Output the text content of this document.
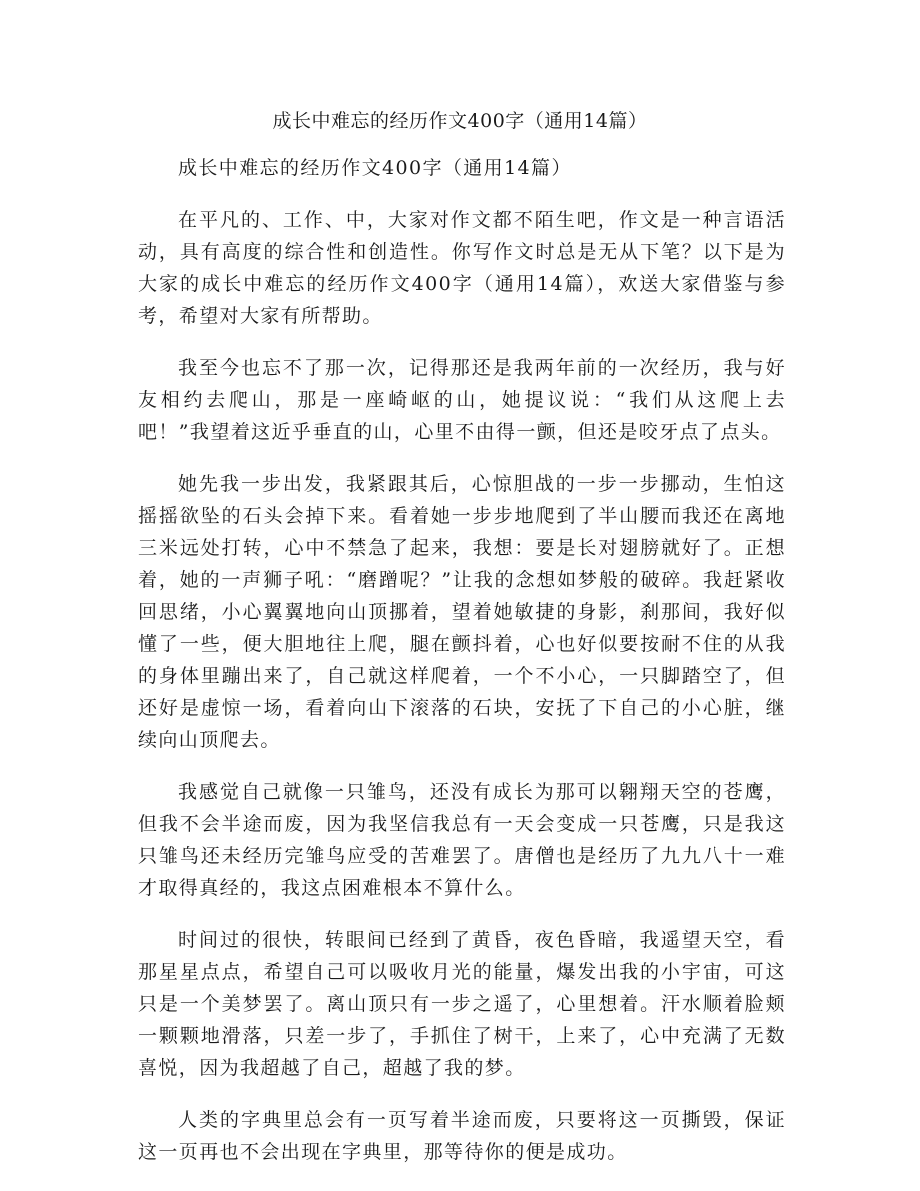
成长中难忘的经历作文400字（通用14篇）

成长中难忘的经历作文400字（通用14篇）

在平凡的、工作、中，大家对作文都不陌生吧，作文是一种言语活动，具有高度的综合性和创造性。你写作文时总是无从下笔？以下是为大家的成长中难忘的经历作文400字（通用14篇），欢送大家借鉴与参考，希望对大家有所帮助。

我至今也忘不了那一次，记得那还是我两年前的一次经历，我与好友相约去爬山，那是一座崎岖的山，她提议说：“我们从这爬上去吧！”我望着这近乎垂直的山，心里不由得一颤，但还是咬牙点了点头。

她先我一步出发，我紧跟其后，心惊胆战的一步一步挪动，生怕这摇摇欲坠的石头会掉下来。看着她一步步地爬到了半山腰而我还在离地三米远处打转，心中不禁急了起来，我想：要是长对翅膀就好了。正想着，她的一声狮子吼：“磨蹭呢？”让我的念想如梦般的破碎。我赶紧收回思绪，小心翼翼地向山顶挪着，望着她敏捷的身影，刹那间，我好似懂了一些，便大胆地往上爬，腿在颤抖着，心也好似要按耐不住的从我的身体里蹦出来了，自己就这样爬着，一个不小心，一只脚踏空了，但还好是虚惊一场，看着向山下滚落的石块，安抚了下自己的小心脏，继续向山顶爬去。

我感觉自己就像一只雏鸟，还没有成长为那可以翱翔天空的苍鹰，但我不会半途而废，因为我坚信我总有一天会变成一只苍鹰，只是我这只雏鸟还未经历完雏鸟应受的苦难罢了。唐僧也是经历了九九八十一难才取得真经的，我这点困难根本不算什么。

时间过的很快，转眼间已经到了黄昏，夜色昏暗，我遥望天空，看那星星点点，希望自己可以吸收月光的能量，爆发出我的小宇宙，可这只是一个美梦罢了。离山顶只有一步之遥了，心里想着。汗水顺着脸颊一颗颗地滑落，只差一步了，手抓住了树干，上来了，心中充满了无数喜悦，因为我超越了自己，超越了我的梦。

人类的字典里总会有一页写着半途而废，只要将这一页撕毁，保证这一页再也不会出现在字典里，那等待你的便是成功。
